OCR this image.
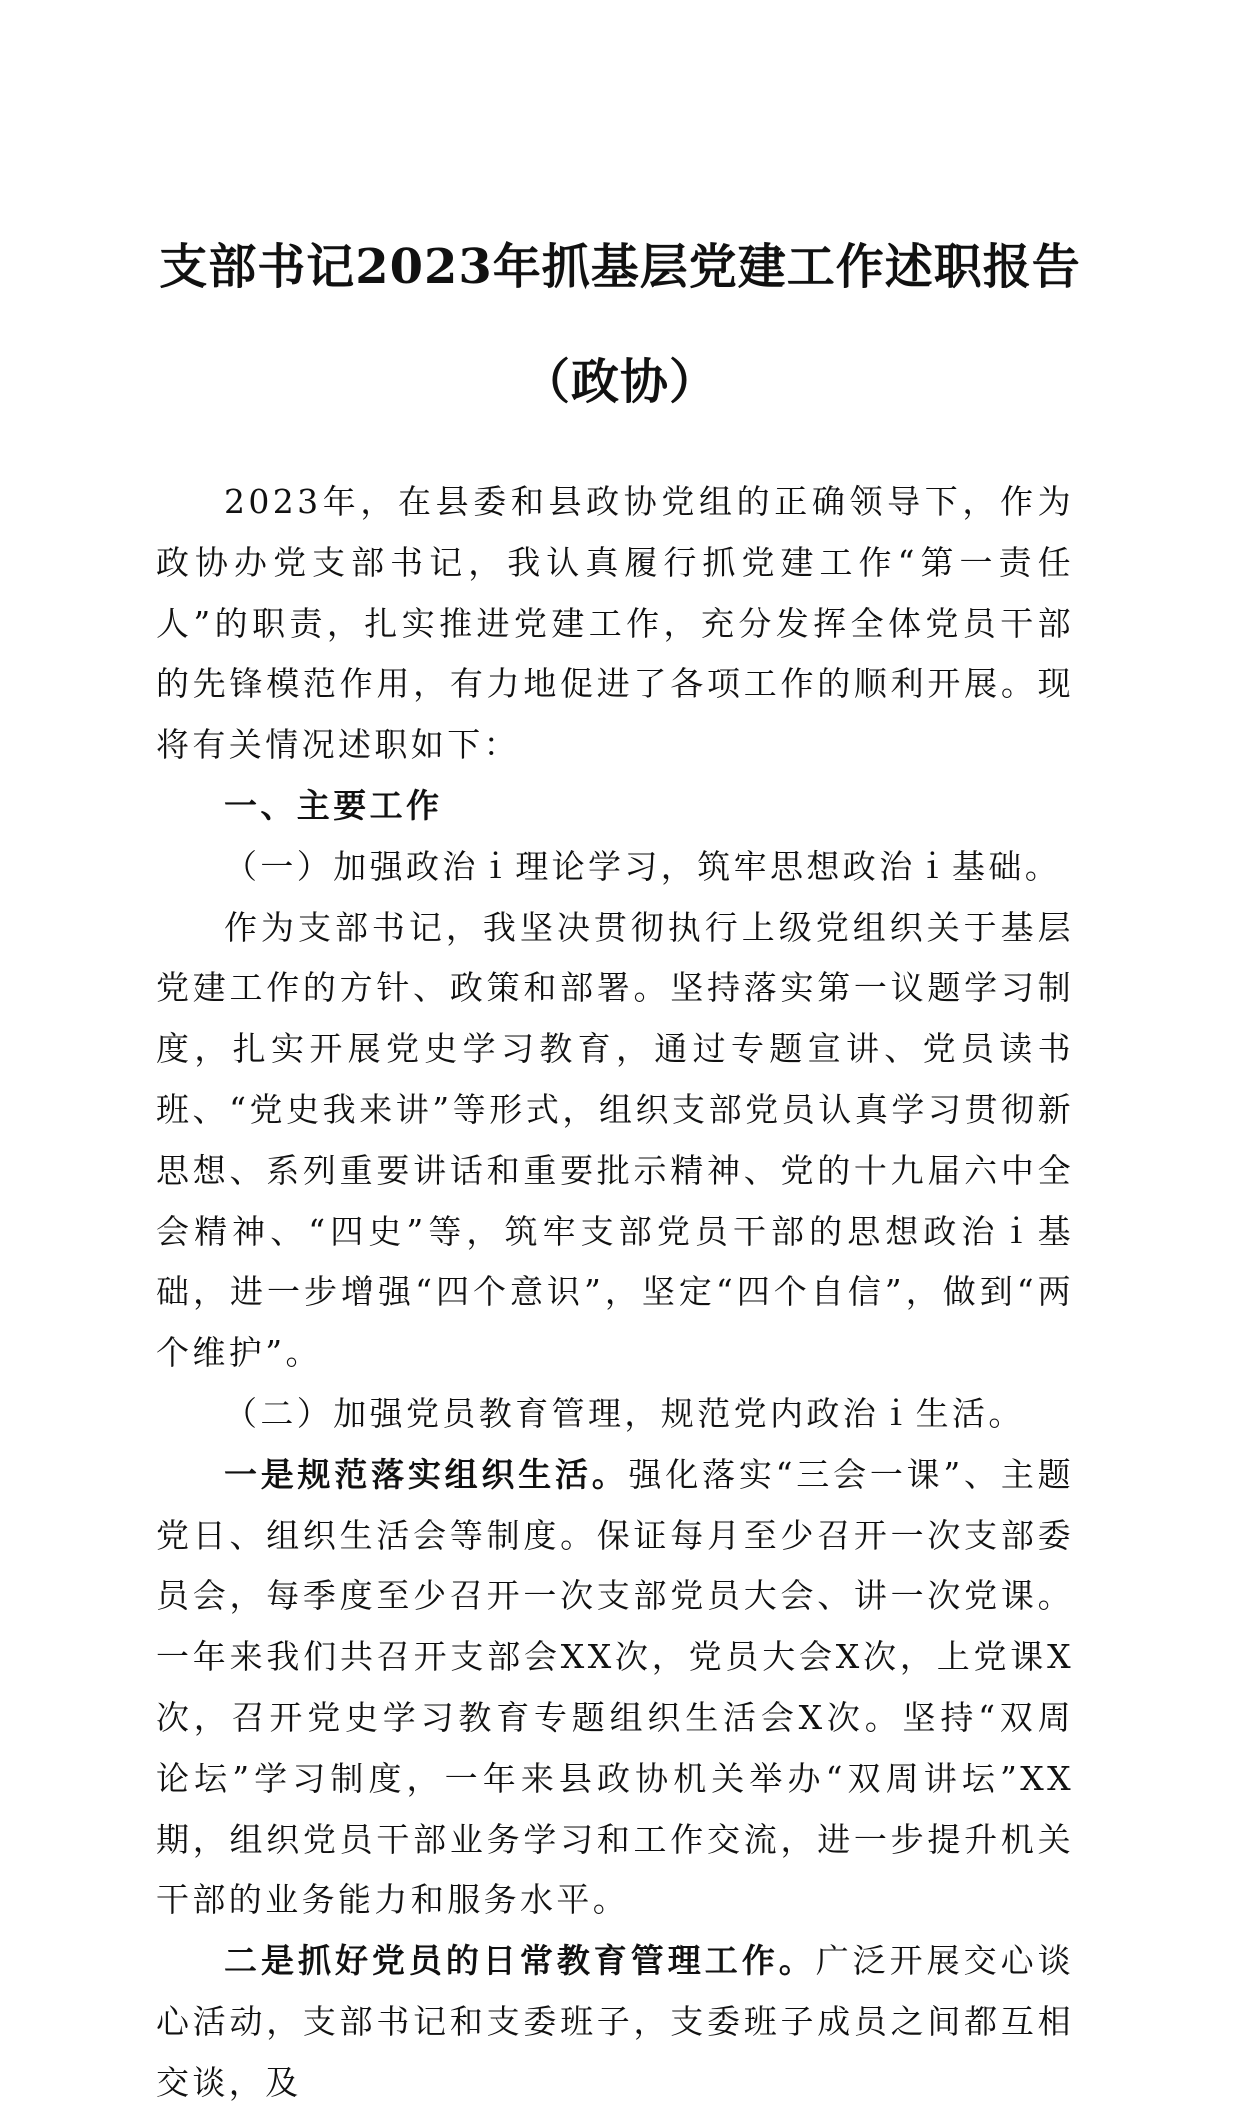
支部书记2023年抓基层党建工作述职报告
（政协）

2023年，在县委和县政协党组的正确领导下，作为政协办党支部书记，我认真履行抓党建工作“第一责任人”的职责，扎实推进党建工作，充分发挥全体党员干部的先锋模范作用，有力地促进了各项工作的顺利开展。现将有关情况述职如下：

一、主要工作

（一）加强政治ｉ理论学习，筑牢思想政治ｉ基础。

作为支部书记，我坚决贯彻执行上级党组织关于基层党建工作的方针、政策和部署。坚持落实第一议题学习制度，扎实开展党史学习教育，通过专题宣讲、党员读书班、“党史我来讲”等形式，组织支部党员认真学习贯彻新思想、系列重要讲话和重要批示精神、党的十九届六中全会精神、“四史”等，筑牢支部党员干部的思想政治ｉ基础，进一步增强“四个意识”，坚定“四个自信”，做到“两个维护”。

（二）加强党员教育管理，规范党内政治ｉ生活。

一是规范落实组织生活。强化落实“三会一课”、主题党日、组织生活会等制度。保证每月至少召开一次支部委员会，每季度至少召开一次支部党员大会、讲一次党课。一年来我们共召开支部会XX次，党员大会X次，上党课X次，召开党史学习教育专题组织生活会X次。坚持“双周论坛”学习制度，一年来县政协机关举办“双周讲坛”XX期，组织党员干部业务学习和工作交流，进一步提升机关干部的业务能力和服务水平。

二是抓好党员的日常教育管理工作。广泛开展交心谈心活动，支部书记和支委班子，支委班子成员之间都互相交谈，及
